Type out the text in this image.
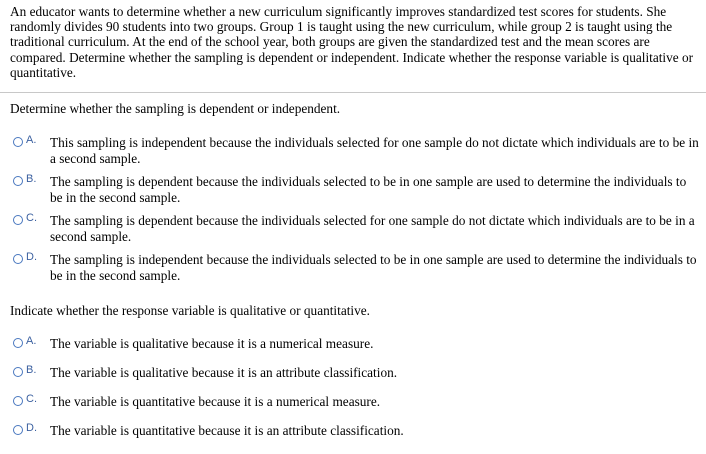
An educator wants to determine whether a new curriculum significantly improves standardized test scores for students. She randomly divides 90 students into two groups. Group 1 is taught using the new curriculum, while group 2 is taught using the traditional curriculum. At the end of the school year, both groups are given the standardized test and the mean scores are compared. Determine whether the sampling is dependent or independent. Indicate whether the response variable is qualitative or quantitative.
Determine whether the sampling is dependent or independent.
A. This sampling is independent because the individuals selected for one sample do not dictate which individuals are to be in a second sample.
B. The sampling is dependent because the individuals selected to be in one sample are used to determine the individuals to be in the second sample.
C. The sampling is dependent because the individuals selected for one sample do not dictate which individuals are to be in a second sample.
D. The sampling is independent because the individuals selected to be in one sample are used to determine the individuals to be in the second sample.
Indicate whether the response variable is qualitative or quantitative.
A. The variable is qualitative because it is a numerical measure.
B. The variable is qualitative because it is an attribute classification.
C. The variable is quantitative because it is a numerical measure.
D. The variable is quantitative because it is an attribute classification.
